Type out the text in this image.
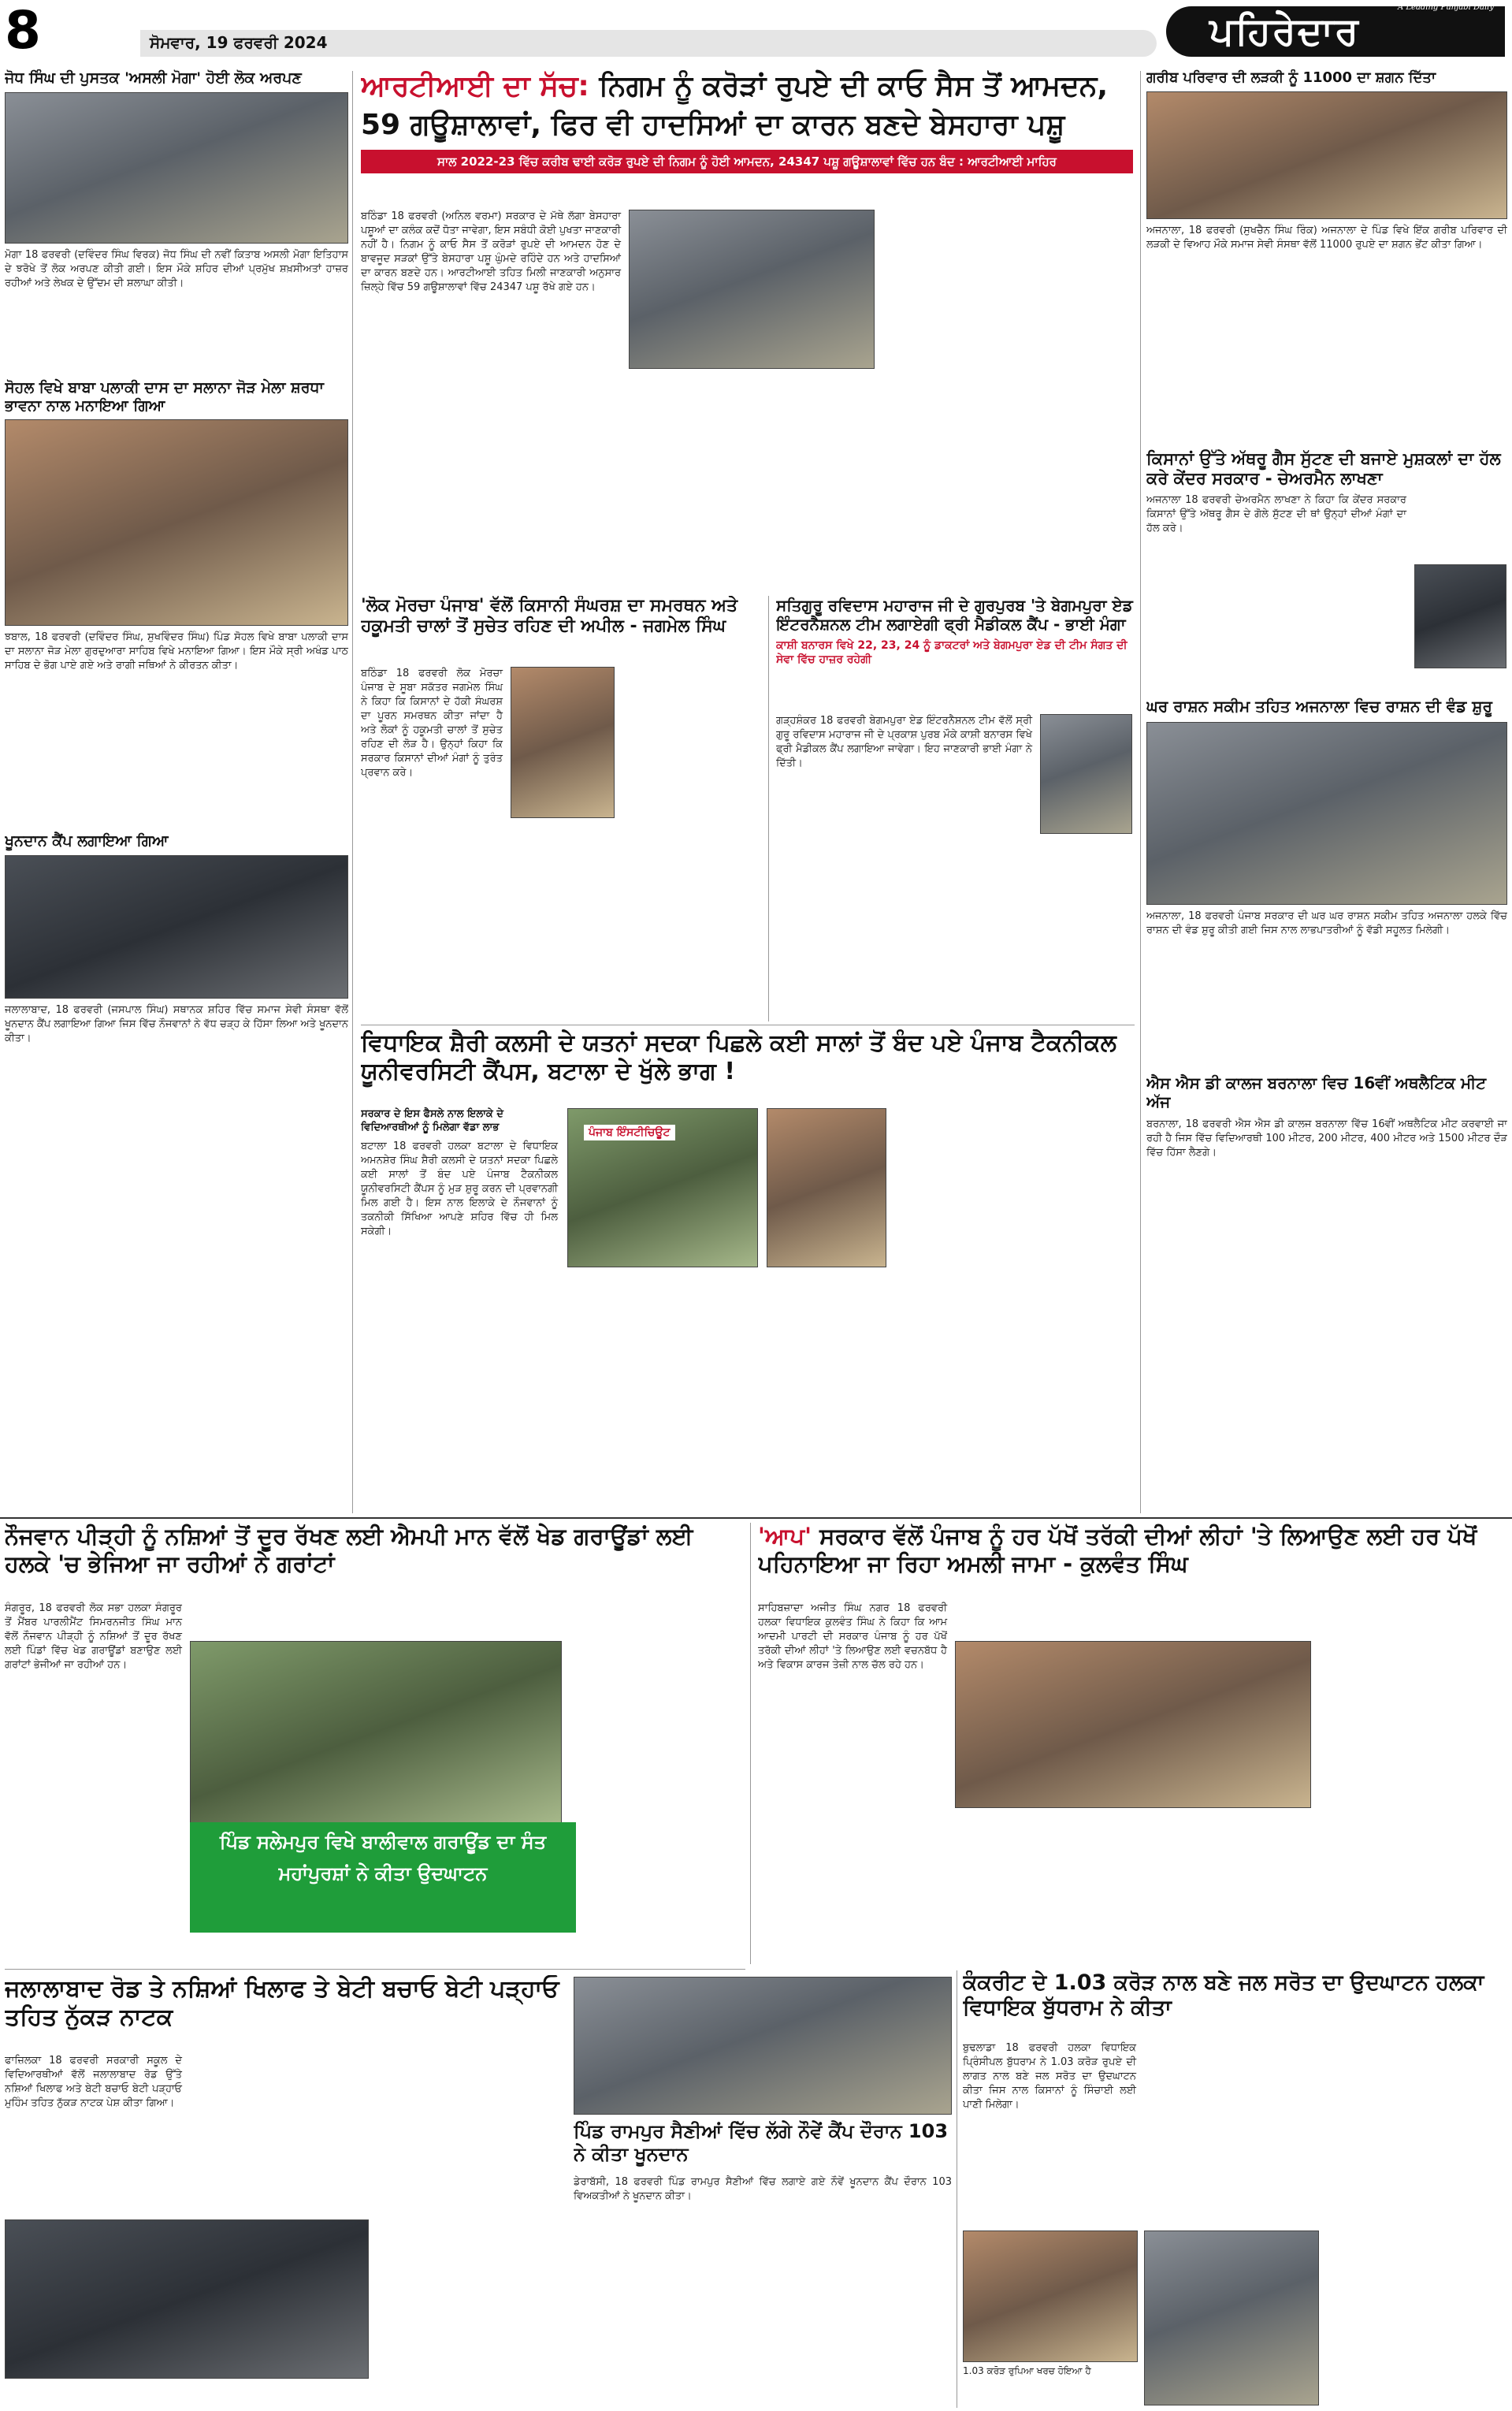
8	ਸੋਮਵਾਰ, 19 ਫਰਵਰੀ 2024
A Leading Punjabi Daily
ਪਹਿਰੇਦਾਰ
ਜੋਧ ਸਿੰਘ ਦੀ ਪੁਸਤਕ 'ਅਸਲੀ ਮੋਗਾ' ਹੋਈ ਲੋਕ ਅਰਪਣ
ਮੋਗਾ 18 ਫਰਵਰੀ (ਦਵਿੰਦਰ ਸਿੰਘ ਵਿਰਕ) ਜੋਧ ਸਿੰਘ ਦੀ ਨਵੀਂ ਕਿਤਾਬ ਅਸਲੀ ਮੋਗਾ ਇਤਿਹਾਸ ਦੇ ਝਰੋਖੇ ਤੋਂ ਲੋਕ ਅਰਪਣ ਕੀਤੀ ਗਈ। ਇਸ ਮੌਕੇ ਸ਼ਹਿਰ ਦੀਆਂ ਪ੍ਰਮੁੱਖ ਸ਼ਖ਼ਸੀਅਤਾਂ ਹਾਜ਼ਰ ਰਹੀਆਂ ਅਤੇ ਲੇਖਕ ਦੇ ਉੱਦਮ ਦੀ ਸ਼ਲਾਘਾ ਕੀਤੀ।
ਸੋਹਲ ਵਿਖੇ ਬਾਬਾ ਪਲਾਕੀ ਦਾਸ ਦਾ ਸਲਾਨਾ ਜੋੜ ਮੇਲਾ ਸ਼ਰਧਾ ਭਾਵਨਾ ਨਾਲ ਮਨਾਇਆ ਗਿਆ
ਝਬਾਲ, 18 ਫਰਵਰੀ (ਦਵਿੰਦਰ ਸਿੰਘ, ਸੁਖਵਿੰਦਰ ਸਿੰਘ) ਪਿੰਡ ਸੋਹਲ ਵਿਖੇ ਬਾਬਾ ਪਲਾਕੀ ਦਾਸ ਦਾ ਸਲਾਨਾ ਜੋੜ ਮੇਲਾ ਗੁਰਦੁਆਰਾ ਸਾਹਿਬ ਵਿਖੇ ਮਨਾਇਆ ਗਿਆ। ਇਸ ਮੌਕੇ ਸ੍ਰੀ ਅਖੰਡ ਪਾਠ ਸਾਹਿਬ ਦੇ ਭੋਗ ਪਾਏ ਗਏ ਅਤੇ ਰਾਗੀ ਜਥਿਆਂ ਨੇ ਕੀਰਤਨ ਕੀਤਾ।
ਖੂਨਦਾਨ ਕੈਂਪ ਲਗਾਇਆ ਗਿਆ
ਜਲਾਲਾਬਾਦ, 18 ਫਰਵਰੀ (ਜਸਪਾਲ ਸਿੰਘ) ਸਥਾਨਕ ਸ਼ਹਿਰ ਵਿੱਚ ਸਮਾਜ ਸੇਵੀ ਸੰਸਥਾ ਵੱਲੋਂ ਖੂਨਦਾਨ ਕੈਂਪ ਲਗਾਇਆ ਗਿਆ ਜਿਸ ਵਿੱਚ ਨੌਜਵਾਨਾਂ ਨੇ ਵੱਧ ਚੜ੍ਹ ਕੇ ਹਿੱਸਾ ਲਿਆ ਅਤੇ ਖੂਨਦਾਨ ਕੀਤਾ।
ਆਰਟੀਆਈ ਦਾ ਸੱਚ: ਨਿਗਮ ਨੂੰ ਕਰੋੜਾਂ ਰੁਪਏ ਦੀ ਕਾਓ ਸੈਸ ਤੋਂ ਆਮਦਨ,
59 ਗਊਸ਼ਾਲਾਵਾਂ, ਫਿਰ ਵੀ ਹਾਦਸਿਆਂ ਦਾ ਕਾਰਨ ਬਣਦੇ ਬੇਸਹਾਰਾ ਪਸ਼ੂ
ਸਾਲ 2022-23 ਵਿੱਚ ਕਰੀਬ ਢਾਈ ਕਰੋੜ ਰੁਪਏ ਦੀ ਨਿਗਮ ਨੂੰ ਹੋਈ ਆਮਦਨ, 24347 ਪਸ਼ੂ ਗਊਸ਼ਾਲਾਵਾਂ ਵਿੱਚ ਹਨ ਬੰਦ : ਆਰਟੀਆਈ ਮਾਹਿਰ
ਬਠਿੰਡਾ 18 ਫਰਵਰੀ (ਅਨਿਲ ਵਰਮਾ) ਸਰਕਾਰ ਦੇ ਮੱਥੇ ਲੱਗਾ ਬੇਸਹਾਰਾ ਪਸ਼ੂਆਂ ਦਾ ਕਲੰਕ ਕਦੋਂ ਧੋਤਾ ਜਾਵੇਗਾ, ਇਸ ਸਬੰਧੀ ਕੋਈ ਪੁਖਤਾ ਜਾਣਕਾਰੀ ਨਹੀਂ ਹੈ। ਨਿਗਮ ਨੂੰ ਕਾਓ ਸੈਸ ਤੋਂ ਕਰੋੜਾਂ ਰੁਪਏ ਦੀ ਆਮਦਨ ਹੋਣ ਦੇ ਬਾਵਜੂਦ ਸੜਕਾਂ ਉੱਤੇ ਬੇਸਹਾਰਾ ਪਸ਼ੂ ਘੁੰਮਦੇ ਰਹਿੰਦੇ ਹਨ ਅਤੇ ਹਾਦਸਿਆਂ ਦਾ ਕਾਰਨ ਬਣਦੇ ਹਨ। ਆਰਟੀਆਈ ਤਹਿਤ ਮਿਲੀ ਜਾਣਕਾਰੀ ਅਨੁਸਾਰ ਜ਼ਿਲ੍ਹੇ ਵਿੱਚ 59 ਗਊਸ਼ਾਲਾਵਾਂ ਵਿੱਚ 24347 ਪਸ਼ੂ ਰੱਖੇ ਗਏ ਹਨ।
'ਲੋਕ ਮੋਰਚਾ ਪੰਜਾਬ' ਵੱਲੋਂ ਕਿਸਾਨੀ ਸੰਘਰਸ਼ ਦਾ ਸਮਰਥਨ ਅਤੇ ਹਕੂਮਤੀ ਚਾਲਾਂ ਤੋਂ ਸੁਚੇਤ ਰਹਿਣ ਦੀ ਅਪੀਲ - ਜਗਮੇਲ ਸਿੰਘ
ਬਠਿੰਡਾ 18 ਫਰਵਰੀ ਲੋਕ ਮੋਰਚਾ ਪੰਜਾਬ ਦੇ ਸੂਬਾ ਸਕੱਤਰ ਜਗਮੇਲ ਸਿੰਘ ਨੇ ਕਿਹਾ ਕਿ ਕਿਸਾਨਾਂ ਦੇ ਹੱਕੀ ਸੰਘਰਸ਼ ਦਾ ਪੂਰਨ ਸਮਰਥਨ ਕੀਤਾ ਜਾਂਦਾ ਹੈ ਅਤੇ ਲੋਕਾਂ ਨੂੰ ਹਕੂਮਤੀ ਚਾਲਾਂ ਤੋਂ ਸੁਚੇਤ ਰਹਿਣ ਦੀ ਲੋੜ ਹੈ। ਉਨ੍ਹਾਂ ਕਿਹਾ ਕਿ ਸਰਕਾਰ ਕਿਸਾਨਾਂ ਦੀਆਂ ਮੰਗਾਂ ਨੂੰ ਤੁਰੰਤ ਪ੍ਰਵਾਨ ਕਰੇ।
ਸਤਿਗੁਰੂ ਰਵਿਦਾਸ ਮਹਾਰਾਜ ਜੀ ਦੇ ਗੁਰਪੁਰਬ 'ਤੇ ਬੇਗਮਪੁਰਾ ਏਡ ਇੰਟਰਨੈਸ਼ਨਲ ਟੀਮ ਲਗਾਏਗੀ ਫ੍ਰੀ ਮੈਡੀਕਲ ਕੈਂਪ - ਭਾਈ ਮੰਗਾ
ਕਾਸ਼ੀ ਬਨਾਰਸ ਵਿਖੇ 22, 23, 24 ਨੂੰ ਡਾਕਟਰਾਂ ਅਤੇ ਬੇਗਮਪੁਰਾ ਏਡ ਦੀ ਟੀਮ ਸੰਗਤ ਦੀ ਸੇਵਾ ਵਿੱਚ ਹਾਜ਼ਰ ਰਹੇਗੀ
ਗੜ੍ਹਸ਼ੰਕਰ 18 ਫਰਵਰੀ ਬੇਗਮਪੁਰਾ ਏਡ ਇੰਟਰਨੈਸ਼ਨਲ ਟੀਮ ਵੱਲੋਂ ਸ੍ਰੀ ਗੁਰੂ ਰਵਿਦਾਸ ਮਹਾਰਾਜ ਜੀ ਦੇ ਪ੍ਰਕਾਸ਼ ਪੁਰਬ ਮੌਕੇ ਕਾਸ਼ੀ ਬਨਾਰਸ ਵਿਖੇ ਫ੍ਰੀ ਮੈਡੀਕਲ ਕੈਂਪ ਲਗਾਇਆ ਜਾਵੇਗਾ। ਇਹ ਜਾਣਕਾਰੀ ਭਾਈ ਮੰਗਾ ਨੇ ਦਿੱਤੀ।
ਵਿਧਾਇਕ ਸ਼ੈਰੀ ਕਲਸੀ ਦੇ ਯਤਨਾਂ ਸਦਕਾ ਪਿਛਲੇ ਕਈ ਸਾਲਾਂ ਤੋਂ ਬੰਦ ਪਏ ਪੰਜਾਬ ਟੈਕਨੀਕਲ ਯੂਨੀਵਰਸਿਟੀ ਕੈਂਪਸ, ਬਟਾਲਾ ਦੇ ਖੁੱਲੇ ਭਾਗ !
ਸਰਕਾਰ ਦੇ ਇਸ ਫੈਸਲੇ ਨਾਲ ਇਲਾਕੇ ਦੇ ਵਿਦਿਆਰਥੀਆਂ ਨੂੰ ਮਿਲੇਗਾ ਵੱਡਾ ਲਾਭ
ਬਟਾਲਾ 18 ਫਰਵਰੀ ਹਲਕਾ ਬਟਾਲਾ ਦੇ ਵਿਧਾਇਕ ਅਮਨਸ਼ੇਰ ਸਿੰਘ ਸ਼ੈਰੀ ਕਲਸੀ ਦੇ ਯਤਨਾਂ ਸਦਕਾ ਪਿਛਲੇ ਕਈ ਸਾਲਾਂ ਤੋਂ ਬੰਦ ਪਏ ਪੰਜਾਬ ਟੈਕਨੀਕਲ ਯੂਨੀਵਰਸਿਟੀ ਕੈਂਪਸ ਨੂੰ ਮੁੜ ਸ਼ੁਰੂ ਕਰਨ ਦੀ ਪ੍ਰਵਾਨਗੀ ਮਿਲ ਗਈ ਹੈ। ਇਸ ਨਾਲ ਇਲਾਕੇ ਦੇ ਨੌਜਵਾਨਾਂ ਨੂੰ ਤਕਨੀਕੀ ਸਿੱਖਿਆ ਆਪਣੇ ਸ਼ਹਿਰ ਵਿੱਚ ਹੀ ਮਿਲ ਸਕੇਗੀ।
ਪੰਜਾਬ ਇੰਸਟੀਚਿਊਟ
ਗਰੀਬ ਪਰਿਵਾਰ ਦੀ ਲੜਕੀ ਨੂੰ 11000 ਦਾ ਸ਼ਗਨ ਦਿੱਤਾ
ਅਜਨਾਲਾ, 18 ਫਰਵਰੀ (ਸੁਖਚੈਨ ਸਿੰਘ ਰਿੰਕ) ਅਜਨਾਲਾ ਦੇ ਪਿੰਡ ਵਿਖੇ ਇੱਕ ਗਰੀਬ ਪਰਿਵਾਰ ਦੀ ਲੜਕੀ ਦੇ ਵਿਆਹ ਮੌਕੇ ਸਮਾਜ ਸੇਵੀ ਸੰਸਥਾ ਵੱਲੋਂ 11000 ਰੁਪਏ ਦਾ ਸ਼ਗਨ ਭੇਂਟ ਕੀਤਾ ਗਿਆ।
ਕਿਸਾਨਾਂ ਉੱਤੇ ਅੱਥਰੂ ਗੈਸ ਸੁੱਟਣ ਦੀ ਬਜਾਏ ਮੁਸ਼ਕਲਾਂ ਦਾ ਹੱਲ ਕਰੇ ਕੇਂਦਰ ਸਰਕਾਰ - ਚੇਅਰਮੈਨ ਲਾਖਣਾ
ਅਜਨਾਲਾ 18 ਫਰਵਰੀ ਚੇਅਰਮੈਨ ਲਾਖਣਾ ਨੇ ਕਿਹਾ ਕਿ ਕੇਂਦਰ ਸਰਕਾਰ ਕਿਸਾਨਾਂ ਉੱਤੇ ਅੱਥਰੂ ਗੈਸ ਦੇ ਗੋਲੇ ਸੁੱਟਣ ਦੀ ਥਾਂ ਉਨ੍ਹਾਂ ਦੀਆਂ ਮੰਗਾਂ ਦਾ ਹੱਲ ਕਰੇ।
ਘਰ ਰਾਸ਼ਨ ਸਕੀਮ ਤਹਿਤ ਅਜਨਾਲਾ ਵਿਚ ਰਾਸ਼ਨ ਦੀ ਵੰਡ ਸ਼ੁਰੂ
ਅਜਨਾਲਾ, 18 ਫਰਵਰੀ ਪੰਜਾਬ ਸਰਕਾਰ ਦੀ ਘਰ ਘਰ ਰਾਸ਼ਨ ਸਕੀਮ ਤਹਿਤ ਅਜਨਾਲਾ ਹਲਕੇ ਵਿੱਚ ਰਾਸ਼ਨ ਦੀ ਵੰਡ ਸ਼ੁਰੂ ਕੀਤੀ ਗਈ ਜਿਸ ਨਾਲ ਲਾਭਪਾਤਰੀਆਂ ਨੂੰ ਵੱਡੀ ਸਹੂਲਤ ਮਿਲੇਗੀ।
ਐਸ ਐਸ ਡੀ ਕਾਲਜ ਬਰਨਾਲਾ ਵਿਚ 16ਵੀਂ ਅਥਲੈਟਿਕ ਮੀਟ ਅੱਜ
ਬਰਨਾਲਾ, 18 ਫਰਵਰੀ ਐਸ ਐਸ ਡੀ ਕਾਲਜ ਬਰਨਾਲਾ ਵਿੱਚ 16ਵੀਂ ਅਥਲੈਟਿਕ ਮੀਟ ਕਰਵਾਈ ਜਾ ਰਹੀ ਹੈ ਜਿਸ ਵਿੱਚ ਵਿਦਿਆਰਥੀ 100 ਮੀਟਰ, 200 ਮੀਟਰ, 400 ਮੀਟਰ ਅਤੇ 1500 ਮੀਟਰ ਦੌੜ ਵਿੱਚ ਹਿੱਸਾ ਲੈਣਗੇ।
ਨੌਜਵਾਨ ਪੀੜ੍ਹੀ ਨੂੰ ਨਸ਼ਿਆਂ ਤੋਂ ਦੂਰ ਰੱਖਣ ਲਈ ਐਮਪੀ ਮਾਨ ਵੱਲੋਂ ਖੇਡ ਗਰਾਊਂਡਾਂ ਲਈ ਹਲਕੇ 'ਚ ਭੇਜਿਆ ਜਾ ਰਹੀਆਂ ਨੇ ਗਰਾਂਟਾਂ
ਸੰਗਰੂਰ, 18 ਫਰਵਰੀ ਲੋਕ ਸਭਾ ਹਲਕਾ ਸੰਗਰੂਰ ਤੋਂ ਮੈਂਬਰ ਪਾਰਲੀਮੈਂਟ ਸਿਮਰਨਜੀਤ ਸਿੰਘ ਮਾਨ ਵੱਲੋਂ ਨੌਜਵਾਨ ਪੀੜ੍ਹੀ ਨੂੰ ਨਸ਼ਿਆਂ ਤੋਂ ਦੂਰ ਰੱਖਣ ਲਈ ਪਿੰਡਾਂ ਵਿੱਚ ਖੇਡ ਗਰਾਊਂਡਾਂ ਬਣਾਉਣ ਲਈ ਗਰਾਂਟਾਂ ਭੇਜੀਆਂ ਜਾ ਰਹੀਆਂ ਹਨ।
ਪਿੰਡ ਸਲੇਮਪੁਰ ਵਿਖੇ ਬਾਲੀਵਾਲ ਗਰਾਊਂਡ ਦਾ ਸੰਤ ਮਹਾਂਪੁਰਸ਼ਾਂ ਨੇ ਕੀਤਾ ਉਦਘਾਟਨ
'ਆਪ' ਸਰਕਾਰ ਵੱਲੋਂ ਪੰਜਾਬ ਨੂੰ ਹਰ ਪੱਖੋਂ ਤਰੱਕੀ ਦੀਆਂ ਲੀਹਾਂ 'ਤੇ ਲਿਆਉਣ ਲਈ ਹਰ ਪੱਖੋਂ ਪਹਿਨਾਇਆ ਜਾ ਰਿਹਾ ਅਮਲੀ ਜਾਮਾ - ਕੁਲਵੰਤ ਸਿੰਘ
ਸਾਹਿਬਜ਼ਾਦਾ ਅਜੀਤ ਸਿੰਘ ਨਗਰ 18 ਫਰਵਰੀ ਹਲਕਾ ਵਿਧਾਇਕ ਕੁਲਵੰਤ ਸਿੰਘ ਨੇ ਕਿਹਾ ਕਿ ਆਮ ਆਦਮੀ ਪਾਰਟੀ ਦੀ ਸਰਕਾਰ ਪੰਜਾਬ ਨੂੰ ਹਰ ਪੱਖੋਂ ਤਰੱਕੀ ਦੀਆਂ ਲੀਹਾਂ 'ਤੇ ਲਿਆਉਣ ਲਈ ਵਚਨਬੱਧ ਹੈ ਅਤੇ ਵਿਕਾਸ ਕਾਰਜ ਤੇਜ਼ੀ ਨਾਲ ਚੱਲ ਰਹੇ ਹਨ।
ਜਲਾਲਾਬਾਦ ਰੋਡ ਤੇ ਨਸ਼ਿਆਂ ਖਿਲਾਫ ਤੇ ਬੇਟੀ ਬਚਾਓ ਬੇਟੀ ਪੜ੍ਹਾਓ ਤਹਿਤ ਨੁੱਕੜ ਨਾਟਕ
ਫਾਜ਼ਿਲਕਾ 18 ਫਰਵਰੀ ਸਰਕਾਰੀ ਸਕੂਲ ਦੇ ਵਿਦਿਆਰਥੀਆਂ ਵੱਲੋਂ ਜਲਾਲਾਬਾਦ ਰੋਡ ਉੱਤੇ ਨਸ਼ਿਆਂ ਖਿਲਾਫ ਅਤੇ ਬੇਟੀ ਬਚਾਓ ਬੇਟੀ ਪੜ੍ਹਾਓ ਮੁਹਿੰਮ ਤਹਿਤ ਨੁੱਕੜ ਨਾਟਕ ਪੇਸ਼ ਕੀਤਾ ਗਿਆ।
ਪਿੰਡ ਰਾਮਪੁਰ ਸੈਣੀਆਂ ਵਿੱਚ ਲੱਗੇ ਨੌਵੇਂ ਕੈਂਪ ਦੌਰਾਨ 103 ਨੇ ਕੀਤਾ ਖੂਨਦਾਨ
ਡੇਰਾਬੱਸੀ, 18 ਫਰਵਰੀ ਪਿੰਡ ਰਾਮਪੁਰ ਸੈਣੀਆਂ ਵਿੱਚ ਲਗਾਏ ਗਏ ਨੌਵੇਂ ਖੂਨਦਾਨ ਕੈਂਪ ਦੌਰਾਨ 103 ਵਿਅਕਤੀਆਂ ਨੇ ਖੂਨਦਾਨ ਕੀਤਾ।
ਕੰਕਰੀਟ ਦੇ 1.03 ਕਰੋੜ ਨਾਲ ਬਣੇ ਜਲ ਸਰੋਤ ਦਾ ਉਦਘਾਟਨ ਹਲਕਾ ਵਿਧਾਇਕ ਬੁੱਧਰਾਮ ਨੇ ਕੀਤਾ
ਬੁਢਲਾਡਾ 18 ਫਰਵਰੀ ਹਲਕਾ ਵਿਧਾਇਕ ਪ੍ਰਿੰਸੀਪਲ ਬੁੱਧਰਾਮ ਨੇ 1.03 ਕਰੋੜ ਰੁਪਏ ਦੀ ਲਾਗਤ ਨਾਲ ਬਣੇ ਜਲ ਸਰੋਤ ਦਾ ਉਦਘਾਟਨ ਕੀਤਾ ਜਿਸ ਨਾਲ ਕਿਸਾਨਾਂ ਨੂੰ ਸਿੰਚਾਈ ਲਈ ਪਾਣੀ ਮਿਲੇਗਾ।
1.03 ਕਰੋੜ ਰੁਪਿਆ ਖਰਚ ਹੋਇਆ ਹੈ
